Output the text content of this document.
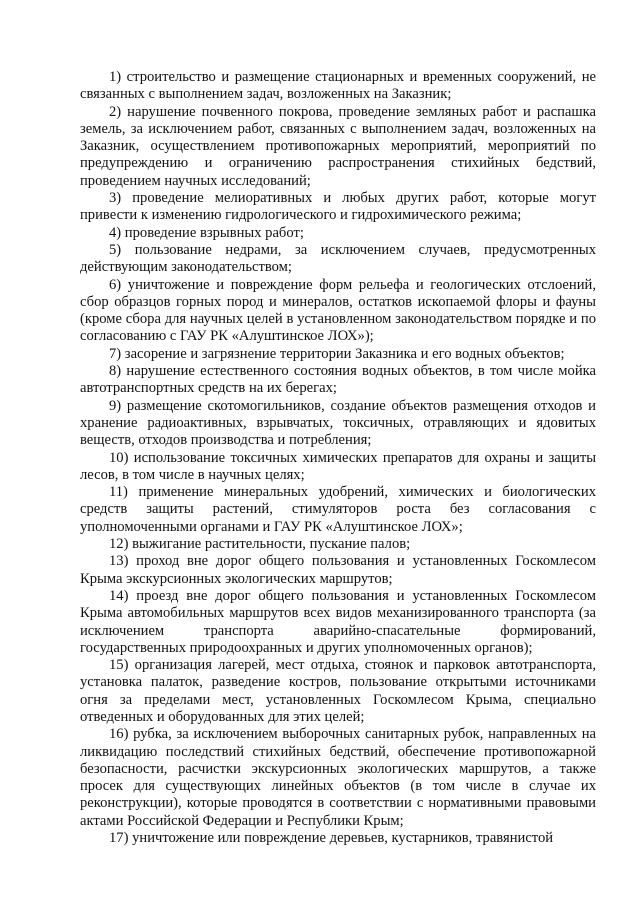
1) строительство и размещение стационарных и временных сооружений, не связанных с выполнением задач, возложенных на Заказник;

2) нарушение почвенного покрова, проведение земляных работ и распашка земель, за исключением работ, связанных с выполнением задач, возложенных на Заказник, осуществлением противопожарных мероприятий, мероприятий по предупреждению и ограничению распространения стихийных бедствий, проведением научных исследований;

3) проведение мелиоративных и любых других работ, которые могут привести к изменению гидрологического и гидрохимического режима;

4) проведение взрывных работ;

5) пользование недрами, за исключением случаев, предусмотренных действующим законодательством;

6) уничтожение и повреждение форм рельефа и геологических отслоений, сбор образцов горных пород и минералов, остатков ископаемой флоры и фауны (кроме сбора для научных целей в установленном законодательством порядке и по согласованию с ГАУ РК «Алуштинское ЛОХ»);

7) засорение и загрязнение территории Заказника и его водных объектов;

8) нарушение естественного состояния водных объектов, в том числе мойка автотранспортных средств на их берегах;

9) размещение скотомогильников, создание объектов размещения отходов и хранение радиоактивных, взрывчатых, токсичных, отравляющих и ядовитых веществ, отходов производства и потребления;

10) использование токсичных химических препаратов для охраны и защиты лесов, в том числе в научных целях;

11) применение минеральных удобрений, химических и биологических средств защиты растений, стимуляторов роста без согласования с уполномоченными органами и ГАУ РК «Алуштинское ЛОХ»;

12) выжигание растительности, пускание палов;

13) проход вне дорог общего пользования и установленных Госкомлесом Крыма экскурсионных экологических маршрутов;

14) проезд вне дорог общего пользования и установленных Госкомлесом Крыма автомобильных маршрутов всех видов механизированного транспорта (за исключением транспорта аварийно-спасательные формирований, государственных природоохранных и других уполномоченных органов);

15) организация лагерей, мест отдыха, стоянок и парковок автотранспорта, установка палаток, разведение костров, пользование открытыми источниками огня за пределами мест, установленных Госкомлесом Крыма, специально отведенных и оборудованных для этих целей;

16) рубка, за исключением выборочных санитарных рубок, направленных на ликвидацию последствий стихийных бедствий, обеспечение противопожарной безопасности, расчистки экскурсионных экологических маршрутов, а также просек для существующих линейных объектов (в том числе в случае их реконструкции), которые проводятся в соответствии с нормативными правовыми актами Российской Федерации и Республики Крым;

17) уничтожение или повреждение деревьев, кустарников, травянистой
